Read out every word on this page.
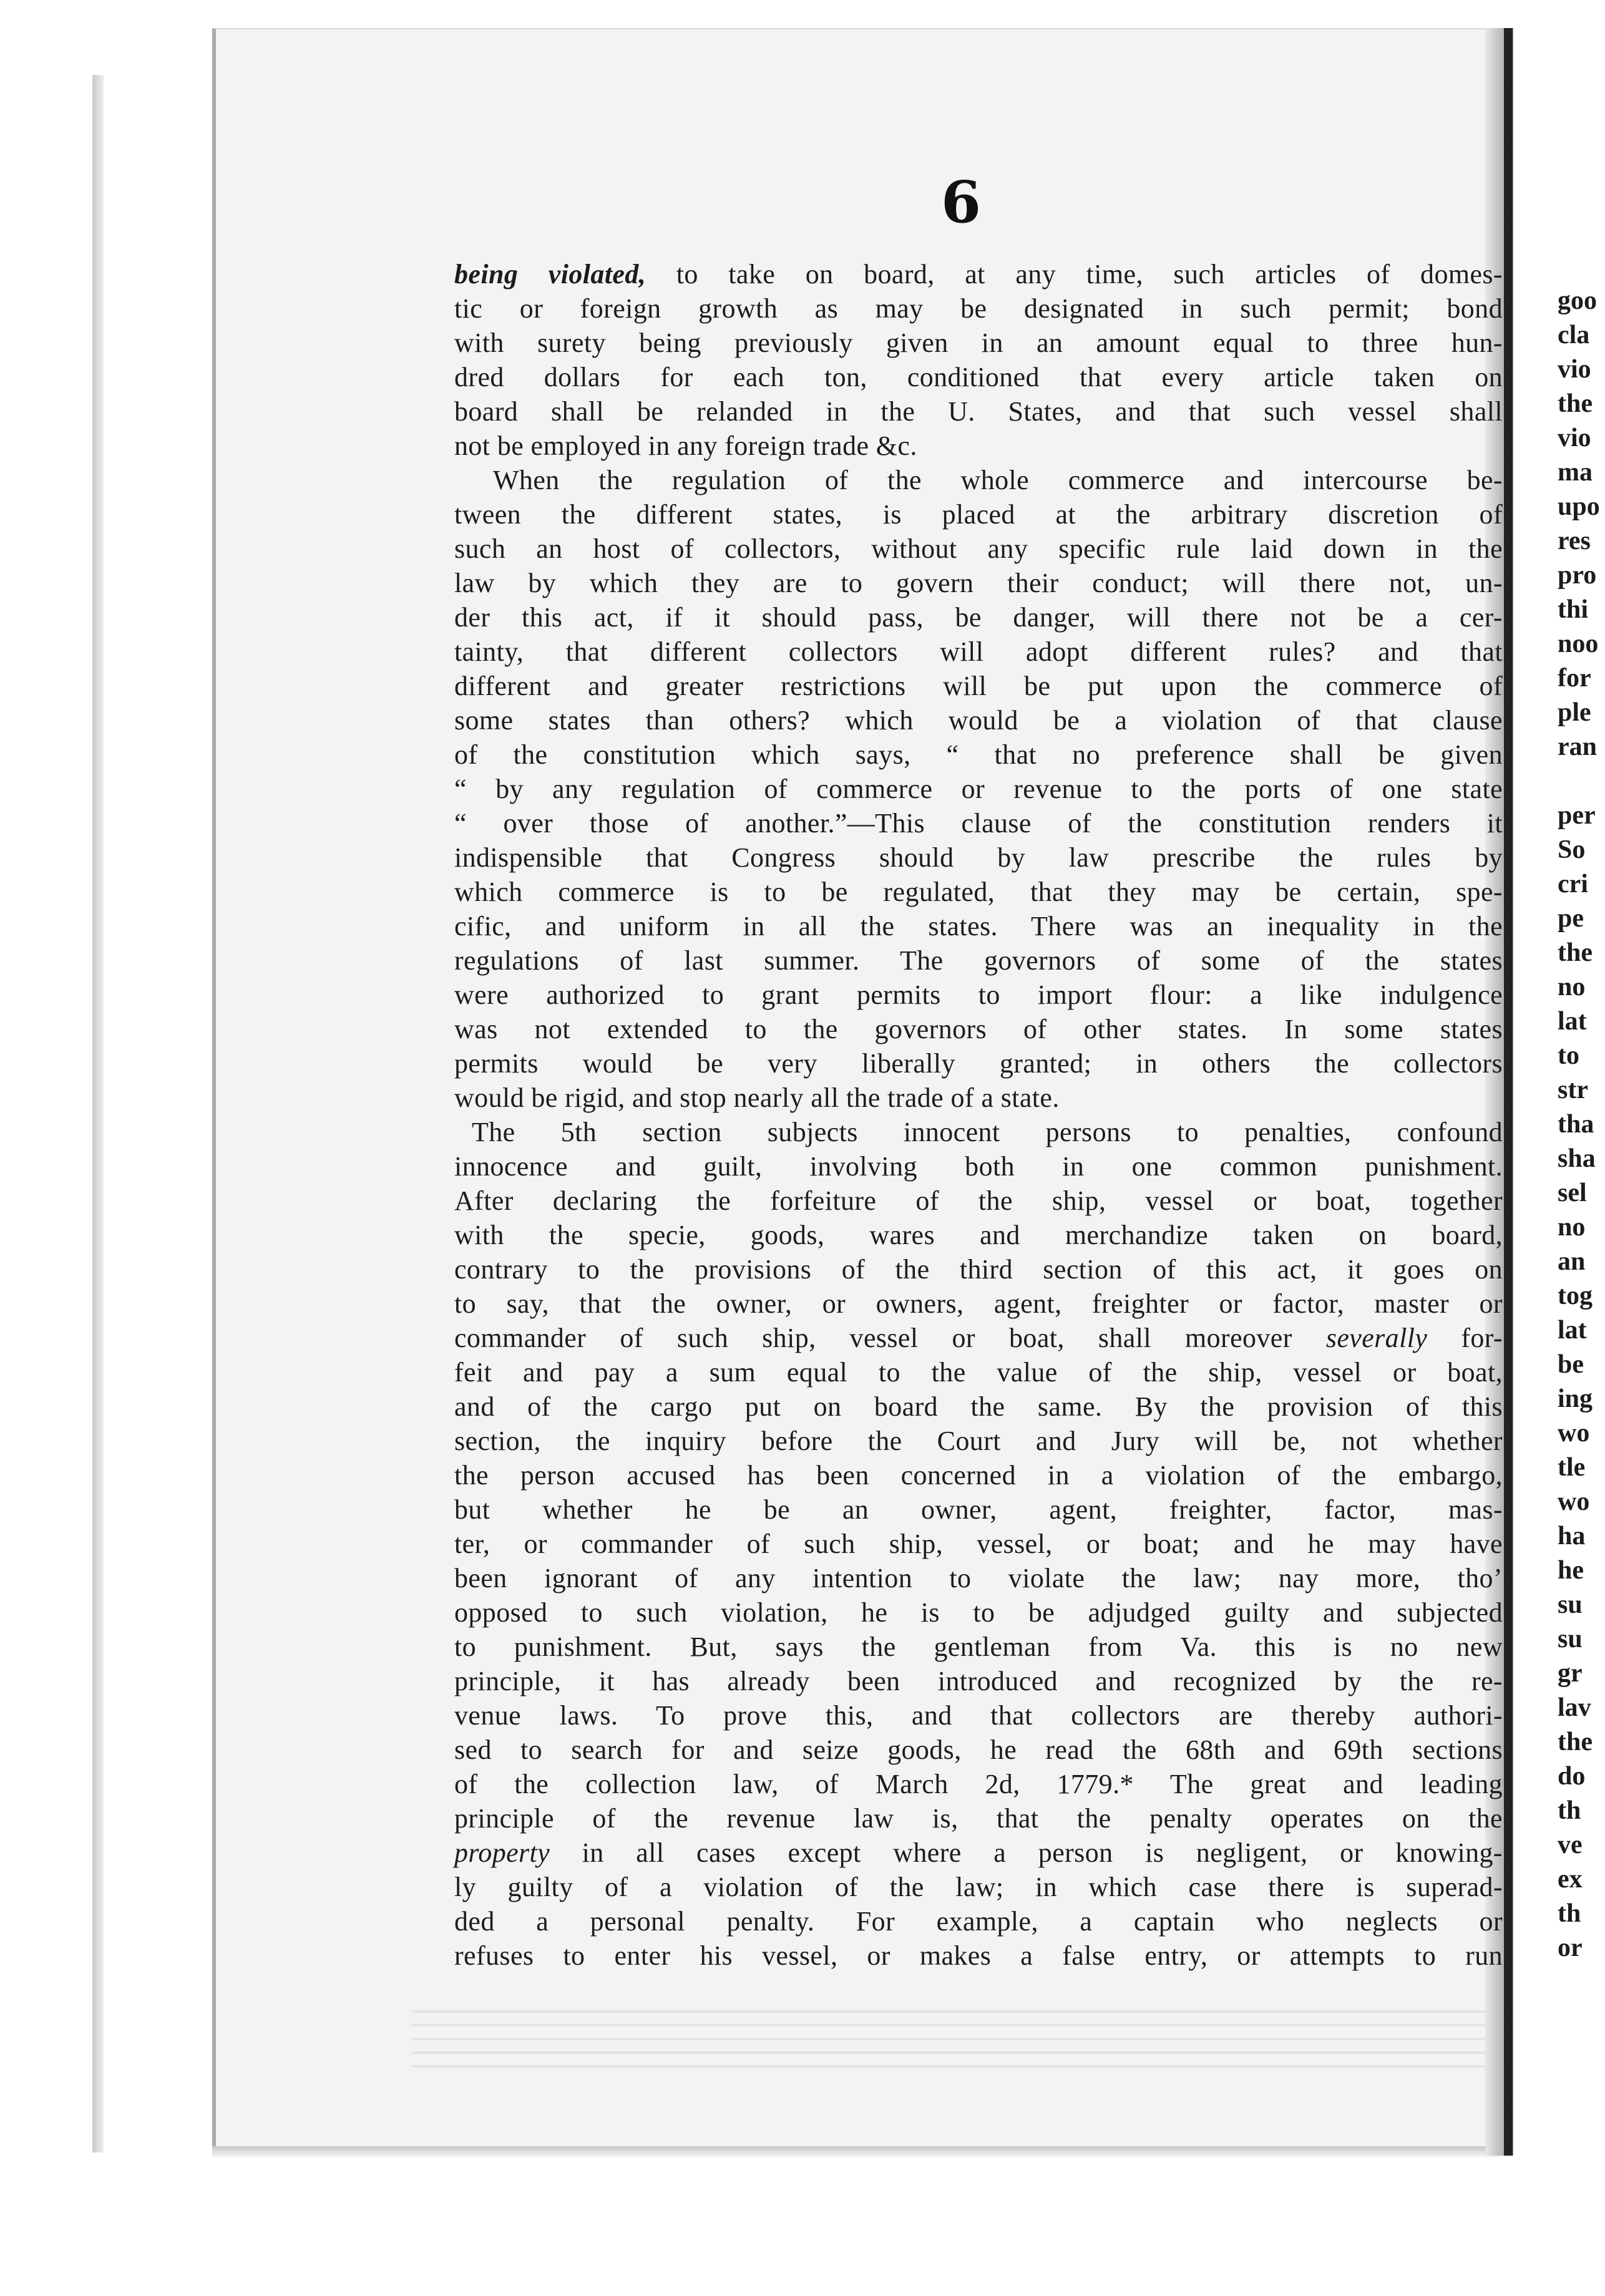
6
being violated, to take on board, at any time, such articles of domes-
tic or foreign growth as may be designated in such permit; bond
with surety being previously given in an amount equal to three hun-
dred dollars for each ton, conditioned that every article taken on
board shall be relanded in the U. States, and that such vessel shall
not be employed in any foreign trade &c.
When the regulation of the whole commerce and intercourse be-
tween the different states, is placed at the arbitrary discretion of
such an host of collectors, without any specific rule laid down in the
law by which they are to govern their conduct; will there not, un-
der this act, if it should pass, be danger, will there not be a cer-
tainty, that different collectors will adopt different rules? and that
different and greater restrictions will be put upon the commerce of
some states than others? which would be a violation of that clause
of the constitution which says, “ that no preference shall be given
“ by any regulation of commerce or revenue to the ports of one state
“ over those of another.”—This clause of the constitution renders it
indispensible that Congress should by law prescribe the rules by
which commerce is to be regulated, that they may be certain, spe-
cific, and uniform in all the states. There was an inequality in the
regulations of last summer. The governors of some of the states
were authorized to grant permits to import flour: a like indulgence
was not extended to the governors of other states. In some states
permits would be very liberally granted; in others the collectors
would be rigid, and stop nearly all the trade of a state.
The 5th section subjects innocent persons to penalties, confound
innocence and guilt, involving both in one common punishment.
After declaring the forfeiture of the ship, vessel or boat, together
with the specie, goods, wares and merchandize taken on board,
contrary to the provisions of the third section of this act, it goes on
to say, that the owner, or owners, agent, freighter or factor, master or
commander of such ship, vessel or boat, shall moreover severally for-
feit and pay a sum equal to the value of the ship, vessel or boat,
and of the cargo put on board the same. By the provision of this
section, the inquiry before the Court and Jury will be, not whether
the person accused has been concerned in a violation of the embargo,
but whether he be an owner, agent, freighter, factor, mas-
ter, or commander of such ship, vessel, or boat; and he may have
been ignorant of any intention to violate the law; nay more, tho’
opposed to such violation, he is to be adjudged guilty and subjected
to punishment. But, says the gentleman from Va. this is no new
principle, it has already been introduced and recognized by the re-
venue laws. To prove this, and that collectors are thereby authori-
sed to search for and seize goods, he read the 68th and 69th sections
of the collection law, of March 2d, 1779.* The great and leading
principle of the revenue law is, that the penalty operates on the
property in all cases except where a person is negligent, or knowing-
ly guilty of a violation of the law; in which case there is superad-
ded a personal penalty. For example, a captain who neglects or
refuses to enter his vessel, or makes a false entry, or attempts to run
goo
cla
vio
the
vio
ma
upo
res
pro
thi
noo
for
ple
ran
per
So
cri
pe
the
no
lat
to
str
tha
sha
sel
no
an
tog
lat
be
ing
wo
tle
wo
ha
he
su
su
gr
lav
the
do
th
ve
ex
th
or
